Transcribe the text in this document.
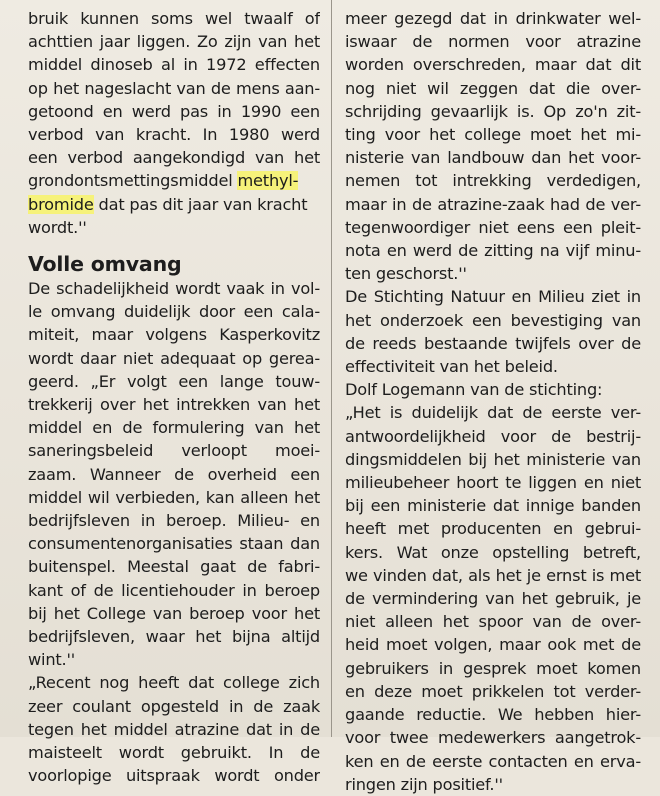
bruik kunnen soms wel twaalf of
achttien jaar liggen. Zo zijn van het
middel dinoseb al in 1972 effecten
op het nageslacht van de mens aan-
getoond en werd pas in 1990 een
verbod van kracht. In 1980 werd
een verbod aangekondigd van het
grondontsmettingsmiddel methyl-
bromide dat pas dit jaar van kracht
wordt.''
Volle omvang
De schadelijkheid wordt vaak in vol-
le omvang duidelijk door een cala-
miteit, maar volgens Kasperkovitz
wordt daar niet adequaat op gerea-
geerd. „Er volgt een lange touw-
trekkerij over het intrekken van het
middel en de formulering van het
saneringsbeleid verloopt moei-
zaam. Wanneer de overheid een
middel wil verbieden, kan alleen het
bedrijfsleven in beroep. Milieu- en
consumentenorganisaties staan dan
buitenspel. Meestal gaat de fabri-
kant of de licentiehouder in beroep
bij het College van beroep voor het
bedrijfsleven, waar het bijna altijd
wint.''
„Recent nog heeft dat college zich
zeer coulant opgesteld in de zaak
tegen het middel atrazine dat in de
maisteelt wordt gebruikt. In de
voorlopige uitspraak wordt onder
meer gezegd dat in drinkwater wel-
iswaar de normen voor atrazine
worden overschreden, maar dat dit
nog niet wil zeggen dat die over-
schrijding gevaarlijk is. Op zo'n zit-
ting voor het college moet het mi-
nisterie van landbouw dan het voor-
nemen tot intrekking verdedigen,
maar in de atrazine-zaak had de ver-
tegenwoordiger niet eens een pleit-
nota en werd de zitting na vijf minu-
ten geschorst.''
De Stichting Natuur en Milieu ziet in
het onderzoek een bevestiging van
de reeds bestaande twijfels over de
effectiviteit van het beleid.
Dolf Logemann van de stichting:
„Het is duidelijk dat de eerste ver-
antwoordelijkheid voor de bestrij-
dingsmiddelen bij het ministerie van
milieubeheer hoort te liggen en niet
bij een ministerie dat innige banden
heeft met producenten en gebrui-
kers. Wat onze opstelling betreft,
we vinden dat, als het je ernst is met
de vermindering van het gebruik, je
niet alleen het spoor van de over-
heid moet volgen, maar ook met de
gebruikers in gesprek moet komen
en deze moet prikkelen tot verder-
gaande reductie. We hebben hier-
voor twee medewerkers aangetrok-
ken en de eerste contacten en erva-
ringen zijn positief.''
